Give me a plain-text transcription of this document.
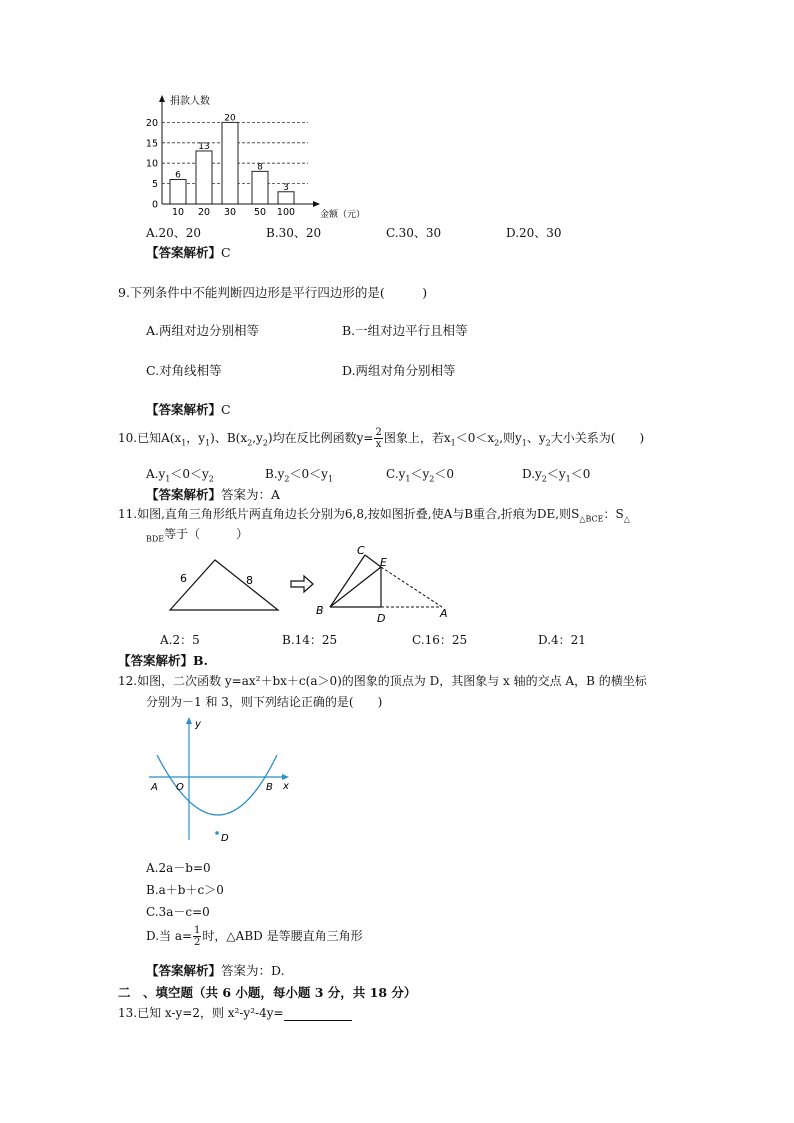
0
5
10
15
20
6
10
13
20
20
30
8
50
3
100
捐款人数
金额（元）
A.20、20	B.30、20	C.30、30	D.20、30
【答案解析】C
9.下列条件中不能判断四边形是平行四边形的是(　　　)
A.两组对边分别相等	B.一组对边平行且相等
C.对角线相等	D.两组对角分别相等
【答案解析】C
10.已知$A(x_1$，$y_1$)、$B(x_2,y_2)$均在反比例函数$y= \frac{2}{x}$ 图象上，若$x_1<0<x_2$,则$y_1$、$y_2$大小关系为(　　)
$A.y_1<0<y_2$	$B.y_2<0<y_1$	$C.y_1<y_2<0$	$D.y_2<y_1<0$
【答案解析】答案为：A
11.如图,直角三角形纸片两直角边长分别为6,8,按如图折叠,使A与B重合,折痕为DE,则$S_{\triangle BCE}$：$S_\triangle$
$_{BDE}$等于（　　　）
6	8
C
E
B
D	A
A.2：5	B.14：25	C.16：25	D.4：21
【答案解析】B.
12.如图，二次函数 y=ax²＋bx＋c(a＞0)的图象的顶点为 D，其图象与 x 轴的交点 A，B 的横坐标
分别为－1 和 3，则下列结论正确的是(　　)
y
x
O
A	B
D
A.2a－b=0
B.a＋b＋c＞0
C.3a－c=0
D.当 $a= \frac{1}{2}$ 时，△ABD 是等腰直角三角形
【答案解析】答案为：D.
二　、填空题（共 6 小题，每小题 3 分，共 18 分）
13.已知 x-y=2，则 x²-y²-4y=
